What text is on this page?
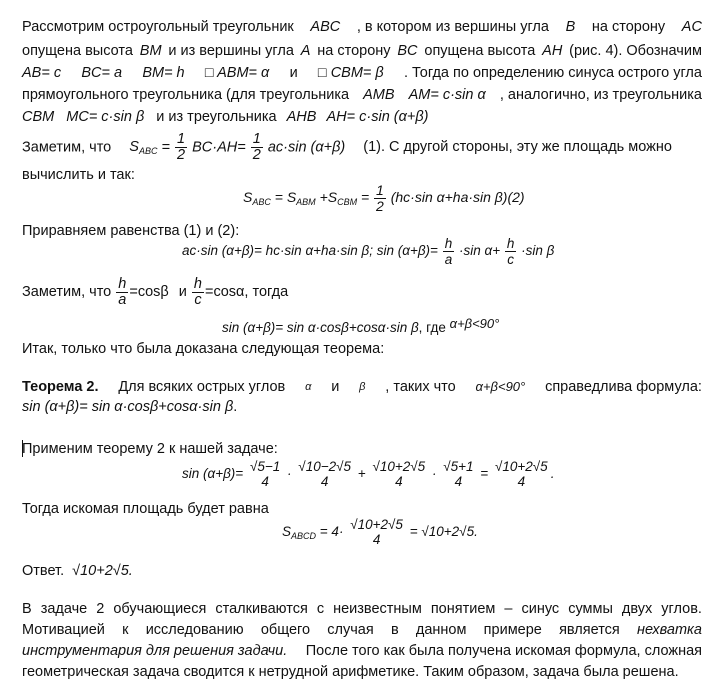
Рассмотрим остроугольный треугольник ABC , в котором из вершины угла B на сторону AC
опущена высота BM и из вершины угла A на сторону BC опущена высота AH (рис. 4). Обозначим
AB= c BC= a BM= h □ ABM= α и □ CBM= β . Тогда по определению синуса острого угла
прямоугольного треугольника (для треугольника AMB AM= c·sin α , аналогично, из треугольника
CBM MC= c·sin β и из треугольника AHB AH= c·sin (α+β)
Заметим, что $S_{ABC} = \frac{1}{2} BC\cdot AH= \frac{1}{2} ac\cdot\sin$ (α+β) (1). С другой стороны, эту же площадь можно
вычислить и так:
$S_{ABC} = S_{ABM} +S_{CBM} = \frac{1}{2} (hc\cdot\sin$ α+ha·sin β)(2)
Приравняем равенства (1) и (2):
ac·sin (α+β)= hc·sin α+ha·sin β; $\sin (\alpha+\beta)= \frac{h}{a} \cdot\sin$ $\alpha+ \frac{h}{c} \cdot\sin$ β
Заметим, что $\frac{h}{a} =\cos\beta$ и $\frac{h}{c} =\cos\alpha$, тогда
sin (α+β)= sin α·cosβ+cosα·sin β, где α+β<90°
Итак, только что была доказана следующая теорема:
Теорема 2. Для всяких острых углов α и β , таких что α+β<90° справедлива формула:
sin (α+β)= sin α·cosβ+cosα·sin β.
Применим теорему 2 к нашей задаче:
sin (α+β)= √5−1
4
· √10−2√5
4
+ √10+2√5
4
· √5+1
4
= √10+2√5
4
.
Тогда искомая площадь будет равна
$S_{ABCD} = 4\cdot √10+2√5$
4
= √10+2√5.
Ответ. √10+2√5.
В задаче 2 обучающиеся сталкиваются с неизвестным понятием – синус суммы двух углов.
Мотивацией к исследованию общего случая в данном примере является нехватка
инструментария для решения задачи. После того как была получена искомая формула, сложная
геометрическая задача сводится к нетрудной арифметике. Таким образом, задача была решена.
